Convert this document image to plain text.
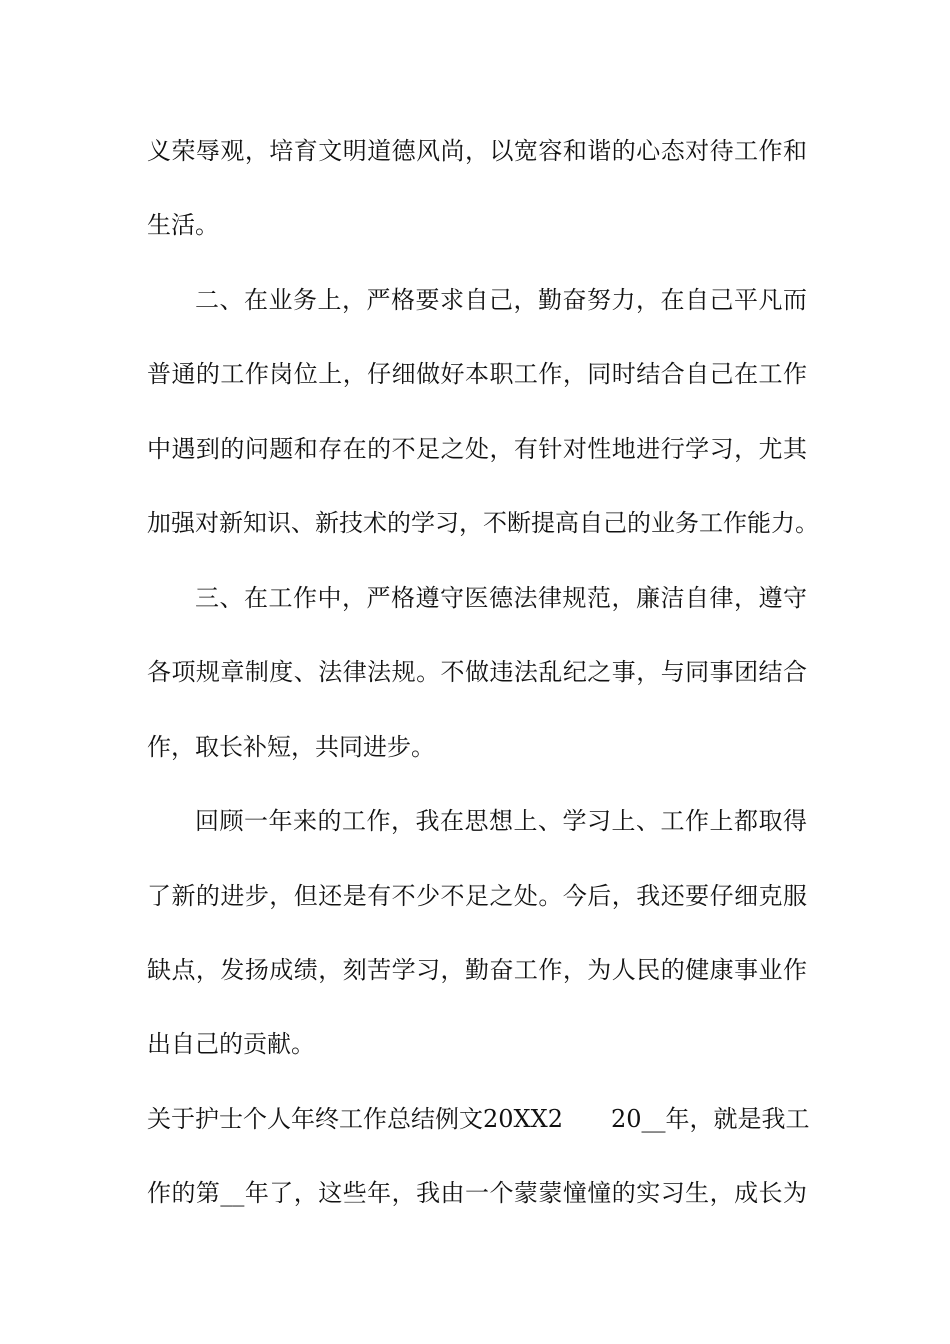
义荣辱观，培育文明道德风尚，以宽容和谐的心态对待工作和
生活。
二、在业务上，严格要求自己，勤奋努力，在自己平凡而
普通的工作岗位上，仔细做好本职工作，同时结合自己在工作
中遇到的问题和存在的不足之处，有针对性地进行学习，尤其
加强对新知识、新技术的学习，不断提高自己的业务工作能力。
三、在工作中，严格遵守医德法律规范，廉洁自律，遵守
各项规章制度、法律法规。不做违法乱纪之事，与同事团结合
作，取长补短，共同进步。
回顾一年来的工作，我在思想上、学习上、工作上都取得
了新的进步，但还是有不少不足之处。今后，我还要仔细克服
缺点，发扬成绩，刻苦学习，勤奋工作，为人民的健康事业作
出自己的贡献。
关于护士个人年终工作总结例文20XX2　　20__年，就是我工
作的第__年了，这些年，我由一个蒙蒙憧憧的实习生，成长为
